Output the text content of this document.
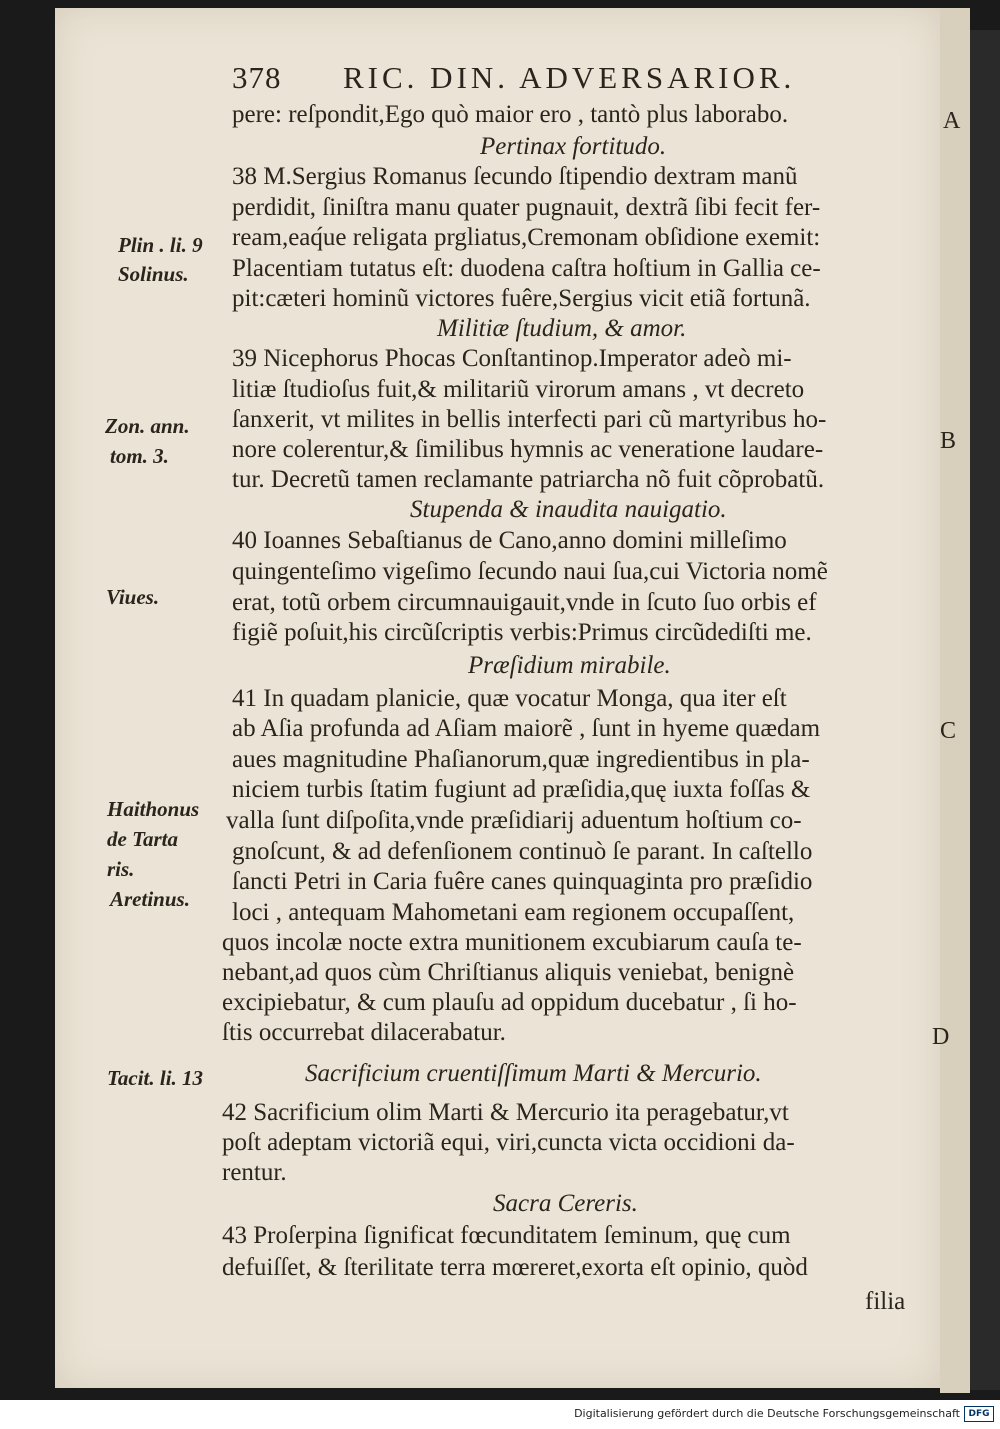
378 RIC. DIN. ADVERSARIOR.

pere: reſpondit,Ego quò maior ero , tantò plus laborabo.

Pertinax fortitudo.

38 M.Sergius Romanus ſecundo ſtipendio dextram manũ

perdidit, ſiniſtra manu quater pugnauit, dextrã ſibi fecit fer-

ream,eaq́ue religata prgliatus,Cremonam obſidione exemit:

Placentiam tutatus eſt: duodena caſtra hoſtium in Gallia ce-

pit:cæteri hominũ victores fuêre,Sergius vicit etiã fortunã.

Militiæ ſtudium, & amor.

39 Nicephorus Phocas Conſtantinop.Imperator adeò mi-

litiæ ſtudioſus fuit,& militariũ virorum amans , vt decreto

ſanxerit, vt milites in bellis interfecti pari cũ martyribus ho-

nore colerentur,& ſimilibus hymnis ac veneratione laudare-

tur. Decretũ tamen reclamante patriarcha nõ fuit cõprobatũ.

Stupenda & inaudita nauigatio.

40 Ioannes Sebaſtianus de Cano,anno domini milleſimo

quingenteſimo vigeſimo ſecundo naui ſua,cui Victoria nomẽ

erat, totũ orbem circumnauigauit,vnde in ſcuto ſuo orbis ef

figiẽ poſuit,his circũſcriptis verbis:Primus circũdediſti me.

Præſidium mirabile.

41 In quadam planicie, quæ vocatur Monga, qua iter eſt

ab Aſia profunda ad Aſiam maiorẽ , ſunt in hyeme quædam

aues magnitudine Phaſianorum,quæ ingredientibus in pla-

niciem turbis ſtatim fugiunt ad præſidia,quę iuxta foſſas &

valla ſunt diſpoſita,vnde præſidiarij aduentum hoſtium co-

gnoſcunt, & ad defenſionem continuò ſe parant. In caſtello

ſancti Petri in Caria fuêre canes quinquaginta pro præſidio

loci , antequam Mahometani eam regionem occupaſſent,

quos incolæ nocte extra munitionem excubiarum cauſa te-

nebant,ad quos cùm Chriſtianus aliquis veniebat, benignè

excipiebatur, & cum plauſu ad oppidum ducebatur , ſi ho-

ſtis occurrebat dilacerabatur.

Sacrificium cruentiſſimum Marti & Mercurio.

42 Sacrificium olim Marti & Mercurio ita peragebatur,vt

poſt adeptam victoriã equi, viri,cuncta victa occidioni da-

rentur.

Sacra Cereris.

43 Proſerpina ſignificat fœcunditatem ſeminum, quę cum

defuiſſet, & ſterilitate terra mœreret,exorta eſt opinio, quòd

filia

Plin . li. 9

Solinus.

Zon. ann.

tom. 3.

Viues.

Haithonus

de Tarta

ris.

Aretinus.

Tacit. li. 13

A

B

C

D

Digitalisierung gefördert durch die Deutsche Forschungsgemeinschaft DFG
